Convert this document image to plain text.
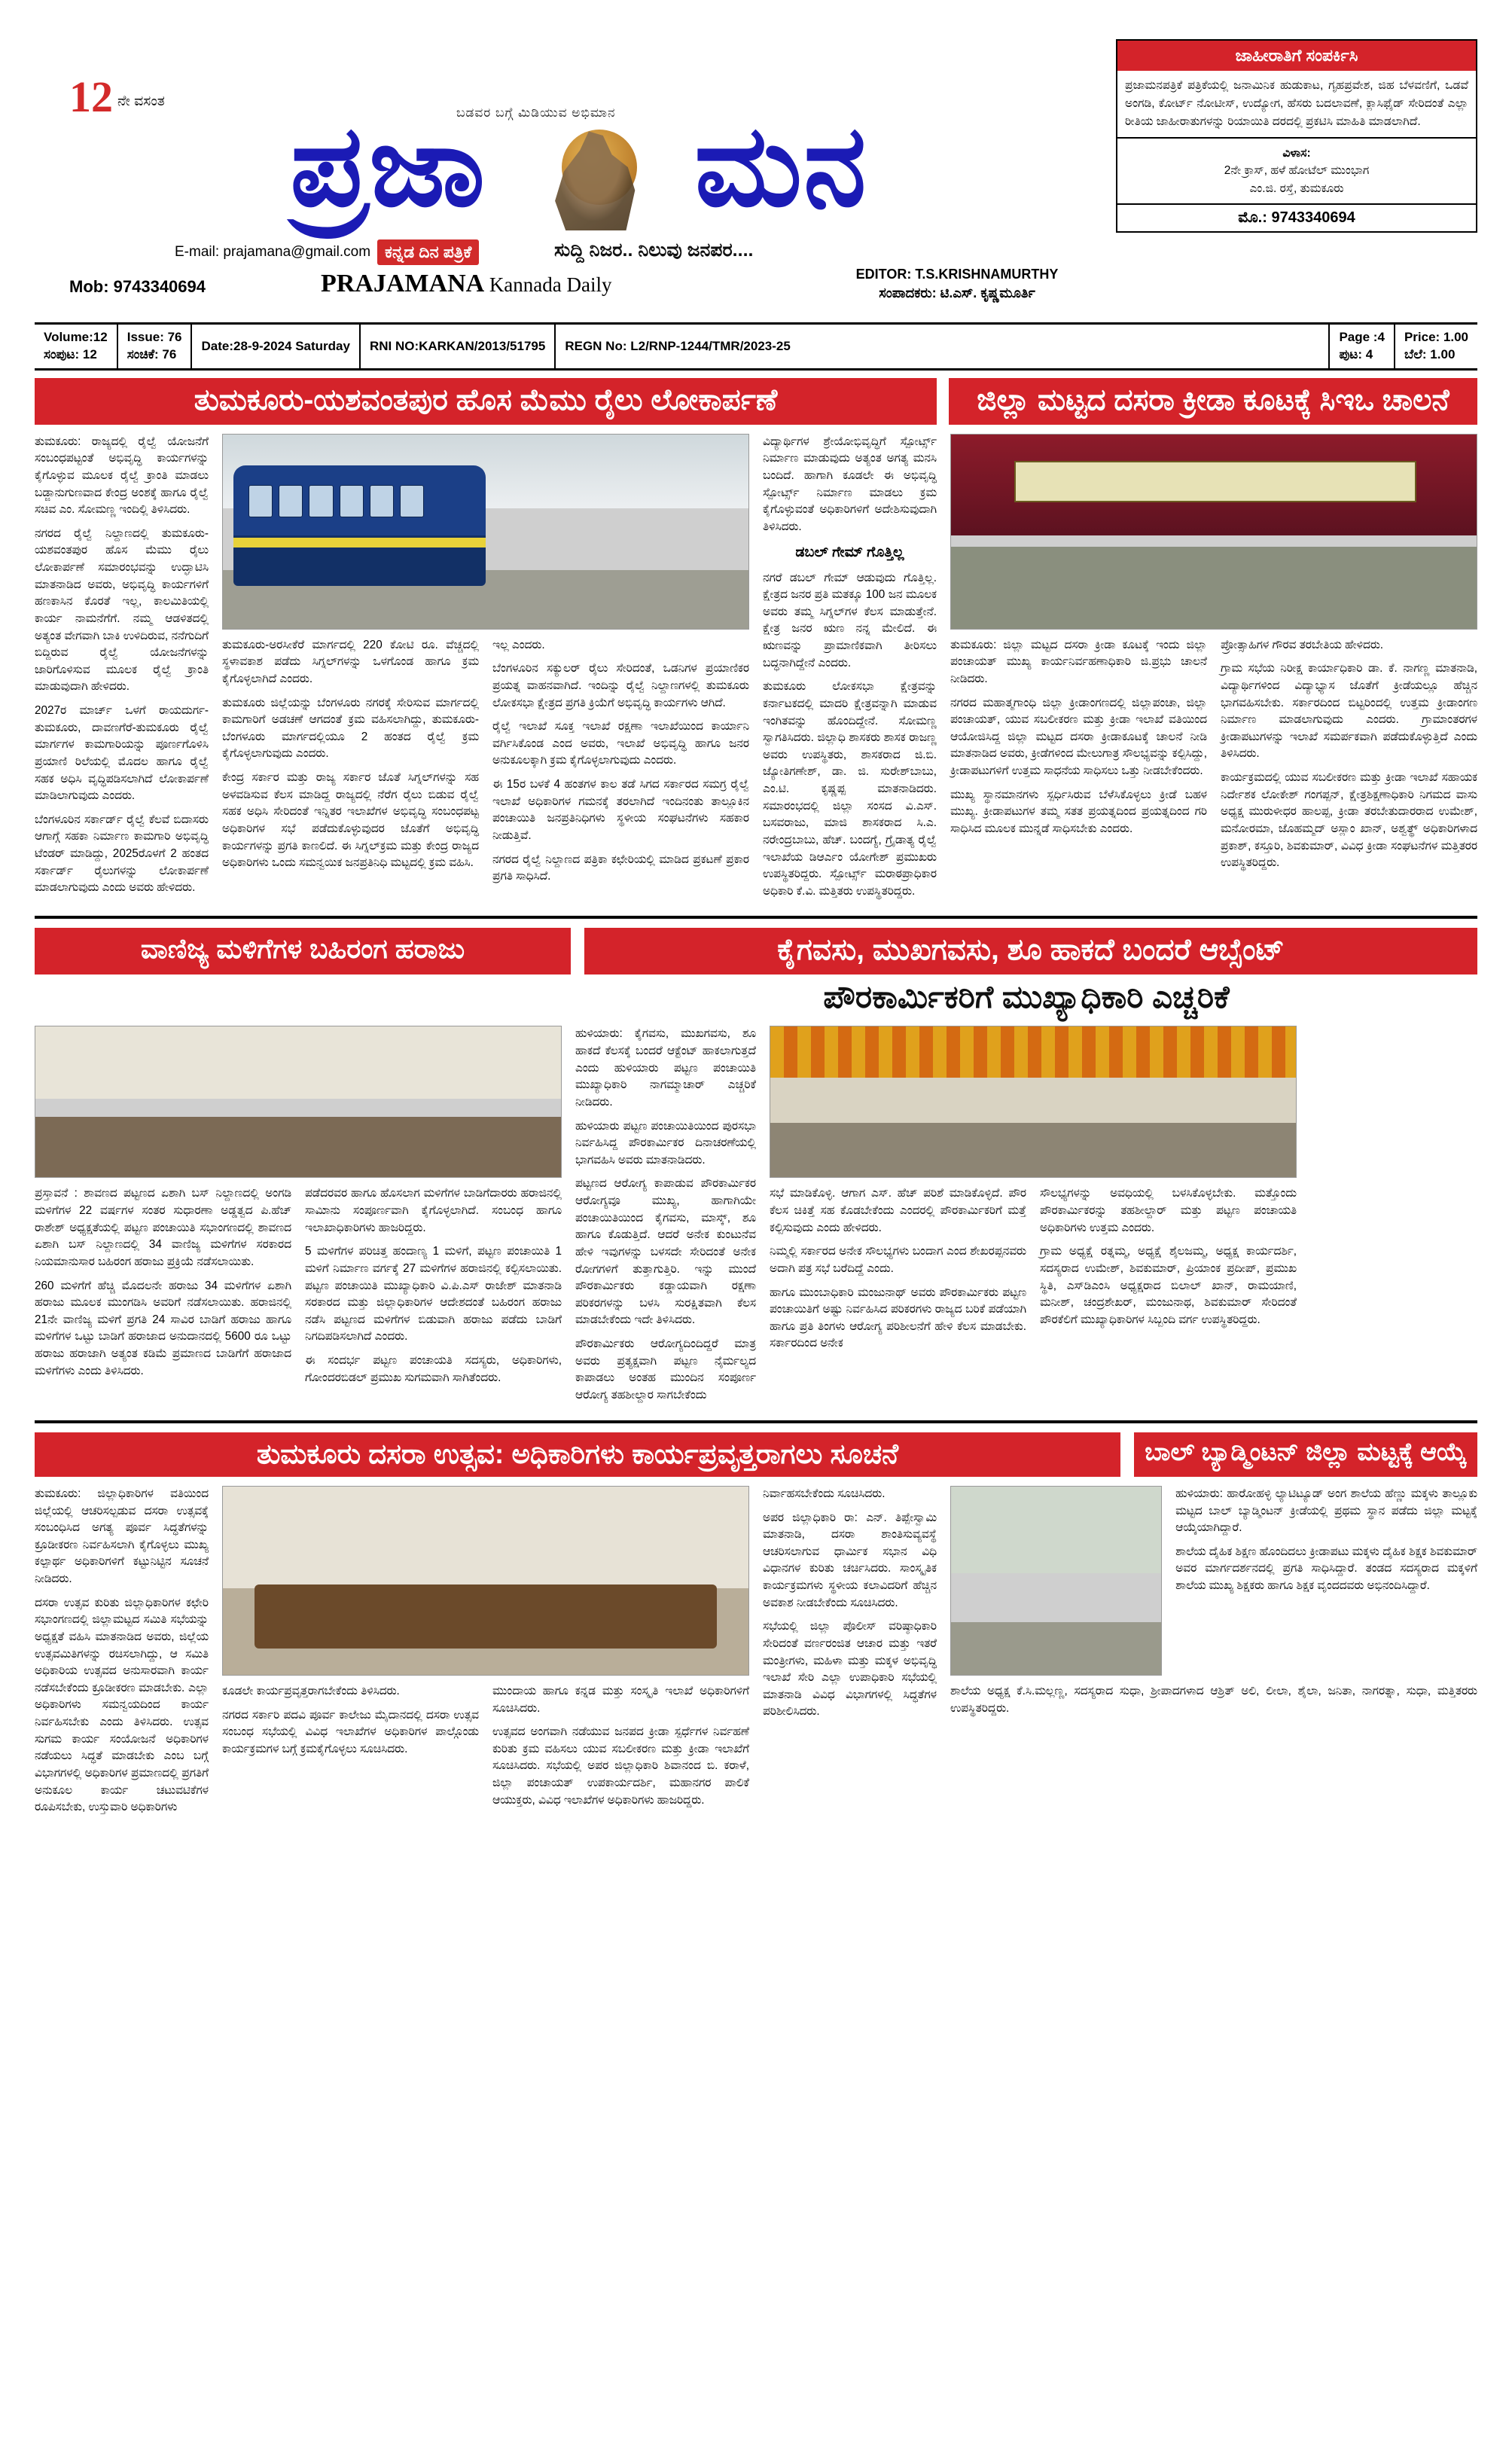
12 ನೇ ವಸಂತ
ಬಡವರ ಬಗ್ಗೆ ಮಿಡಿಯುವ ಅಭಿಮಾನ
ಪ್ರಜಾ ಮನ
E-mail: prajamana@gmail.com ಕನ್ನಡ ದಿನ ಪತ್ರಿಕೆ	ಸುದ್ದಿ ನಿಜರ.. ನಿಲುವು ಜನಪರ....
Mob: 9743340694	PRAJAMANA Kannada Daily	EDITOR: T.S.KRISHNAMURTHY
ಸಂಪಾದಕರು: ಟಿ.ಎಸ್. ಕೃಷ್ಣಮೂರ್ತಿ
ಜಾಹೀರಾತಿಗೆ ಸಂಪರ್ಕಿಸಿ
ಪ್ರಜಾಮನಪತ್ರಿಕೆ ಪತ್ರಿಕೆಯಲ್ಲಿ ಜನಾಮಿನಿಕ ಹುಡುಕಾಟ, ಗೃಹಪ್ರವೇಶ, ಜಿಹ ಬೆಳವಣಿಗೆ, ಒಡವೆ ಅಂಗಡಿ, ಕೋರ್ಟ್ ನೋಟೀಸ್, ಉದ್ಯೋಗ, ಹೆಸರು ಬದಲಾವಣೆ, ಕ್ಲಾಸಿಫೈಡ್ ಸೇರಿದಂತೆ ಎಲ್ಲಾ ರೀತಿಯ ಜಾಹೀರಾತುಗಳನ್ನು ರಿಯಾಯಿತಿ ದರದಲ್ಲಿ ಪ್ರಕಟಿಸಿ ಮಾಹಿತಿ ಮಾಡಲಾಗಿದೆ.
ವಿಳಾಸ:
2ನೇ ಕ್ರಾಸ್, ಹಳೆ ಹೋಟೆಲ್ ಮುಂಭಾಗ
ಎಂ.ಜಿ. ರಸ್ತೆ, ತುಮಕೂರು
ಮೊ.: 9743340694
Volume:12
ಸಂಪುಟ: 12
Issue: 76
ಸಂಚಿಕೆ: 76
Date:28-9-2024 Saturday	RNI NO:KARKAN/2013/51795	REGN No: L2/RNP-1244/TMR/2023-25
Page :4
ಪುಟ: 4
Price: 1.00
ಬೆಲೆ: 1.00
ತುಮಕೂರು-ಯಶವಂತಪುರ ಹೊಸ ಮೆಮು ರೈಲು ಲೋಕಾರ್ಪಣೆ	ಜಿಲ್ಲಾ ಮಟ್ಟದ ದಸರಾ ಕ್ರೀಡಾ ಕೂಟಕ್ಕೆ ಸಿಇಒ ಚಾಲನೆ

ತುಮಕೂರು: ರಾಜ್ಯದಲ್ಲಿ ರೈಲ್ವೆ ಯೋಜನೆಗೆ ಸಂಬಂಧಪಟ್ಟಂತೆ ಅಭಿವೃದ್ಧಿ ಕಾರ್ಯಗಳನ್ನು ಕೈಗೊಳ್ಳುವ ಮೂಲಕ ರೈಲ್ವೆ ಕ್ರಾಂತಿ ಮಾಡಲು ಬಡ್ಜಾನುಗುಣವಾದ ಕೇಂದ್ರ ಅಂಶಕ್ಕೆ ಹಾಗೂ ರೈಲ್ವೆ ಸಚಿವ ಎಂ. ಸೋಮಣ್ಣ ಇಂದಿಲ್ಲಿ ತಿಳಿಸಿದರು.

ನಗರದ ರೈಲ್ವೆ ನಿಲ್ದಾಣದಲ್ಲಿ ತುಮಕೂರು-ಯಶವಂತಪುರ ಹೊಸ ಮೆಮು ರೈಲು ಲೋಕಾರ್ಪಣೆ ಸಮಾರಂಭವನ್ನು ಉದ್ಘಾಟಿಸಿ ಮಾತನಾಡಿದ ಅವರು, ಅಭಿವೃದ್ಧಿ ಕಾರ್ಯಗಳಿಗೆ ಹಣಕಾಸಿನ ಕೊರತೆ ಇಲ್ಲ, ಕಾಲಮಿತಿಯಲ್ಲಿ ಕಾರ್ಯ ನಾಮನೆಗೆಗೆ. ನಮ್ಮ ಆಡಳಿತದಲ್ಲಿ ಅತ್ಯಂತ ವೇಗವಾಗಿ ಬಾಕಿ ಉಳಿದಿರುವ, ನನೆಗುದಿಗೆ ಬಿದ್ದಿರುವ ರೈಲ್ವೆ ಯೋಜನೆಗಳನ್ನು ಜಾರಿಗೊಳಿಸುವ ಮೂಲಕ ರೈಲ್ವೆ ಕ್ರಾಂತಿ ಮಾಡುವುದಾಗಿ ಹೇಳಿದರು.

2027ರ ಮಾರ್ಚ್ ಒಳಗೆ ರಾಯದುರ್ಗ-ತುಮಕೂರು, ದಾವಣಗೆರೆ-ತುಮಕೂರು ರೈಲ್ವೆ ಮಾರ್ಗಗಳ ಕಾಮಗಾರಿಯನ್ನು ಪೂರ್ಣಗೊಳಿಸಿ ಪ್ರಯಾಣಿ ರಿಲೆಯಲ್ಲಿ ಮೊದಲ ಹಾಗೂ ರೈಲ್ವೆ ಸಹಕ ಅಧಿಸಿ ವೃದ್ಧಿಪಡಿಸಲಾಗಿದೆ ಲೋಕಾರ್ಪಣೆ ಮಾಡಿಲಾಗುವುದು ಎಂದರು.

ಬೆಂಗಳೂರಿನ ಸರ್ಕಾರ್ಡ್ ರೈಲ್ವೆ ಕೆಲವೆ ಬಿದಾಸರು ಆಗಾಗ್ಗೆ ಸಹಕಾ ನಿರ್ಮಾಣ ಕಾಮಗಾರಿ ಅಭಿವೃದ್ಧಿ ಟೆಂಡರ್ ಮಾಡಿದ್ದು, 2025ರೊಳಗೆ 2 ಹಂತದ ಸರ್ಕಾರ್ಡ್ ರೈಲುಗಳನ್ನು ಲೋಕಾರ್ಪಣೆ ಮಾಡಲಾಗುವುದು ಎಂದು ಅವರು ಹೇಳಿದರು.

ತುಮಕೂರು-ಅರಸೀಕೆರೆ ಮಾರ್ಗದಲ್ಲಿ 220 ಕೋಟಿ ರೂ. ವೆಚ್ಚದಲ್ಲಿ ಸ್ಥಳಾವಕಾಶ ಪಡೆದು ಸಿಗ್ನಲ್‌ಗಳನ್ನು ಒಳಗೊಂಡ ಹಾಗೂ ಕ್ರಮ ಕೈಗೊಳ್ಳಲಾಗಿದೆ ಎಂದರು.

ತುಮಕೂರು ಜಿಲ್ಲೆಯನ್ನು ಬೆಂಗಳೂರು ನಗರಕ್ಕೆ ಸೇರಿಸುವ ಮಾರ್ಗದಲ್ಲಿ ಕಾಮಗಾರಿಗೆ ಅಡಚಣೆ ಆಗದಂತೆ ಕ್ರಮ ವಹಿಸಲಾಗಿದ್ದು, ತುಮಕೂರು-ಬೆಂಗಳೂರು ಮಾರ್ಗದಲ್ಲಿಯೂ 2 ಹಂತದ ರೈಲ್ವೆ ಕ್ರಮ ಕೈಗೊಳ್ಳಲಾಗುವುದು ಎಂದರು.

ಕೇಂದ್ರ ಸರ್ಕಾರ ಮತ್ತು ರಾಜ್ಯ ಸರ್ಕಾರ ಜೊತೆ ಸಿಗ್ನಲ್‌ಗಳನ್ನು ಸಹ ಅಳವಡಿಸುವ ಕೆಲಸ ಮಾಡಿದ್ದ ರಾಜ್ಯದಲ್ಲಿ ನೆರೆಗ ರೈಲು ಬಿಡುವ ರೈಲ್ವೆ ಸಹಕ ಅಧಿಸಿ ಸೇರಿದಂತೆ ಇನ್ನಿತರ ಇಲಾಖೆಗಳ ಅಭಿವೃದ್ಧಿ ಸಂಬಂಧಪಟ್ಟ ಅಧಿಕಾರಿಗಳ ಸಭೆ ಪಡೆದುಕೊಳ್ಳುವುದರ ಜೊತೆಗೆ ಅಭಿವೃದ್ಧಿ ಕಾರ್ಯಗಳನ್ನು ಪ್ರಗತಿ ಕಾಣಲಿದೆ. ಈ ಸಿಗ್ನಲ್‌ಕ್ರಮ ಮತ್ತು ಕೇಂದ್ರ ರಾಜ್ಯದ ಅಧಿಕಾರಿಗಳು ಒಂದು ಸಮನ್ವಯಿಕ ಜನಪ್ರತಿನಿಧಿ ಮಟ್ಟದಲ್ಲಿ ಕ್ರಮ ವಹಿಸಿ.

ಇಲ್ಲ ಎಂದರು.

ಬೆಂಗಳೂರಿನ ಸಕ್ಯುಲರ್ ರೈಲು ಸೇರಿದಂತೆ, ಒಡನಿಗಳ ಪ್ರಯಾಣಿಕರ ಪ್ರಯತ್ನ ವಾಹನವಾಗಿದೆ. ಇಂದಿನ್ನು ರೈಲ್ವೆ ನಿಲ್ದಾಣಗಳಲ್ಲಿ ತುಮಕೂರು ಲೋಕಸಭಾ ಕ್ಷೇತ್ರದ ಪ್ರಗತಿ ಕ್ರಿಯೆಗೆ ಅಭಿವೃದ್ಧಿ ಕಾರ್ಯಗಳು ಆಗಿದೆ.

ರೈಲ್ವೆ ಇಲಾಖೆ ಸೂಕ್ತ ಇಲಾಖೆ ರಕ್ಷಣಾ ಇಲಾಖೆಯಿಂದ ಕಾರ್ಯಾನಿ ವರ್ಗಿಸಿಕೊಂಡ ಎಂದ ಅವರು, ಇಲಾಖೆ ಅಭಿವೃದ್ಧಿ ಹಾಗೂ ಜನರ ಅನುಕೂಲಕ್ಕಾಗಿ ಕ್ರಮ ಕೈಗೊಳ್ಳಲಾಗುವುದು ಎಂದರು.

ಈ 15ರ ಬಳಕೆ 4 ಹಂತಗಳ ಕಾಲ ತಡೆ ಸಿಗದ ಸರ್ಕಾರದ ಸಮಗ್ರ ರೈಲ್ವೆ ಇಲಾಖೆ ಅಧಿಕಾರಿಗಳ ಗಮನಕ್ಕೆ ತರಲಾಗಿದೆ ಇಂದಿನಂತು ತಾಲ್ಲೂಕಿನ ಪಂಚಾಯಿತಿ ಜನಪ್ರತಿನಿಧಿಗಳು ಸ್ಥಳೀಯ ಸಂಘಟನೆಗಳು ಸಹಕಾರ ನೀಡುತ್ತಿವೆ.

ನಗರದ ರೈಲ್ವೆ ನಿಲ್ದಾಣದ ಪತ್ರಿಕಾ ಕಛೇರಿಯಲ್ಲಿ ಮಾಡಿದ ಪ್ರಕಟಣೆ ಪ್ರಕಾರ ಪ್ರಗತಿ ಸಾಧಿಸಿದೆ.

ವಿದ್ಯಾರ್ಥಿಗಳ ಶ್ರೇಯೋಭಿವೃದ್ಧಿಗೆ ಸ್ಪೋರ್ಟ್ಸ್ ನಿರ್ಮಾಣ ಮಾಡುವುದು ಅತ್ಯಂತ ಅಗತ್ಯ ಮನಸಿ ಬಂದಿದೆ. ಹಾಗಾಗಿ ಕೂಡಲೇ ಈ ಅಭಿವೃದ್ಧಿ ಸ್ಪೋರ್ಟ್ಸ್ ನಿರ್ಮಾಣ ಮಾಡಲು ಕ್ರಮ ಕೈಗೊಳ್ಳುವಂತೆ ಅಧಿಕಾರಿಗಳಿಗೆ ಅದೇಶಿಸುವುದಾಗಿ ತಿಳಿಸಿದರು.

ಡಬಲ್ ಗೇಮ್ ಗೊತ್ತಿಲ್ಲ

ನಗರೆ ಡಬಲ್ ಗೇಮ್ ಆಡುವುದು ಗೊತ್ತಿಲ್ಲ. ಕ್ಷೇತ್ರದ ಜನರ ಪ್ರತಿ ಮತಕ್ಕೂ 100 ಜನ ಮೂಲಕ ಅವರು ತಮ್ಮ ಸಿಗ್ನಲ್‌ಗಳ ಕೆಲಸ ಮಾಡುತ್ತೇನೆ. ಕ್ಷೇತ್ರ ಜನರ ಋಣ ನನ್ನ ಮೇಲಿದೆ. ಈ ಋಣವನ್ನು ಪ್ರಾಮಾಣಿಕವಾಗಿ ತೀರಿಸಲು ಬದ್ಧನಾಗಿದ್ದೇನೆ ಎಂದರು.

ತುಮಕೂರು ಲೋಕಸಭಾ ಕ್ಷೇತ್ರವನ್ನು ಕರ್ನಾಟಕದಲ್ಲಿ ಮಾದರಿ ಕ್ಷೇತ್ರವನ್ನಾಗಿ ಮಾಡುವ ಇಂಗಿತವನ್ನು ಹೊಂದಿದ್ದೇನೆ. ಸೋಮಣ್ಣ ಸ್ವಾಗತಿಸಿದರು. ಜಿಲ್ಲಾಧಿ ಶಾಸಕರು ಶಾಸಕ ರಾಜಣ್ಣ ಅವರು ಉಪಸ್ಥಿತರು, ಶಾಸಕರಾದ ಜಿ.ಬಿ. ಜ್ಯೋತಿಗಣೇಶ್, ಡಾ. ಜಿ. ಸುರೇಶ್‌ಬಾಬು, ಎಂ.ಟಿ. ಕೃಷ್ಣಪ್ಪ ಮಾತನಾಡಿದರು. ಸಮಾರಂಭದಲ್ಲಿ ಜಿಲ್ಲಾ ಸಂಸದ ವಿ.ಎಸ್. ಬಸವರಾಜು, ಮಾಜಿ ಶಾಸಕರಾದ ಸಿ.ಎ. ನರೇಂದ್ರಬಾಬು, ಹೆಚ್. ಬಂದಗ್ಯೆ, ಗ್ರೈಡಾತ್ಯ ರೈಲ್ವೆ ಇಲಾಖೆಯ ಡಿಆರ್ಎಂ ಯೋಗೇಶ್ ಪ್ರಮುಖರು ಉಪಸ್ಥಿತರಿದ್ದರು. ಸ್ಪೋರ್ಟ್ಸ್ ಮರಾಠಪ್ರಾಧಿಕಾರ ಅಧಿಕಾರಿ ಕೆ.ವಿ. ಮತ್ತಿತರು ಉಪಸ್ಥಿತರಿದ್ದರು.

ತುಮಕೂರು: ಜಿಲ್ಲಾ ಮಟ್ಟದ ದಸರಾ ಕ್ರೀಡಾ ಕೂಟಕ್ಕೆ ಇಂದು ಜಿಲ್ಲಾ ಪಂಚಾಯತ್ ಮುಖ್ಯ ಕಾರ್ಯನಿರ್ವಹಣಾಧಿಕಾರಿ ಜಿ.ಪ್ರಭು ಚಾಲನೆ ನೀಡಿದರು.

ನಗರದ ಮಹಾತ್ಮಗಾಂಧಿ ಜಿಲ್ಲಾ ಕ್ರೀಡಾಂಗಣದಲ್ಲಿ ಜಿಲ್ಲಾಪಂಚಾ, ಜಿಲ್ಲಾ ಪಂಚಾಯತ್, ಯುವ ಸಬಲೀಕರಣ ಮತ್ತು ಕ್ರೀಡಾ ಇಲಾಖೆ ವತಿಯಿಂದ ಆಯೋಜಿಸಿದ್ದ ಜಿಲ್ಲಾ ಮಟ್ಟದ ದಸರಾ ಕ್ರೀಡಾಕೂಟಕ್ಕೆ ಚಾಲನೆ ನೀಡಿ ಮಾತನಾಡಿದ ಅವರು, ಕ್ರೀಡೆಗಳಿಂದ ಮೇಲುಗಾತ್ರ ಸೌಲಭ್ಯವನ್ನು ಕಲ್ಪಿಸಿದ್ದು, ಕ್ರೀಡಾಪಟುಗಳಿಗೆ ಉತ್ತಮ ಸಾಧನೆಯ ಸಾಧಿಸಲು ಒತ್ತು ನೀಡಬೇಕೆಂದರು.

ಮುಖ್ಯ ಸ್ಥಾನಮಾನಗಳು ಸ್ಪರ್ಧಿಸಿರುವ ಬೆಳೆಸಿಕೊಳ್ಳಲು ಕ್ರೀಡೆ ಬಹಳ ಮುಖ್ಯ. ಕ್ರೀಡಾಪಟುಗಳ ತಮ್ಮ ಸತತ ಪ್ರಯತ್ನದಿಂದ ಪ್ರಯತ್ನದಿಂದ ಗರಿ ಸಾಧಿಸಿದ ಮೂಲಕ ಮುನ್ನಡೆ ಸಾಧಿಸಬೇಕು ಎಂದರು.

ಪ್ರೋತ್ಸಾಹಿಗಳ ಗೌರವ ತರಬೇತಿಯ ಹೇಳಿದರು.

ಗ್ರಾಮ ಸಭೆಯ ನಿರೀಕ್ಷ ಕಾರ್ಯಾಧಿಕಾರಿ ಡಾ. ಕೆ. ನಾಗಣ್ಣ ಮಾತನಾಡಿ, ವಿದ್ಯಾರ್ಥಿಗಳಿಂದ ವಿದ್ಯಾಭ್ಯಾಸ ಜೊತೆಗೆ ಕ್ರೀಡೆಯಲ್ಲೂ ಹೆಚ್ಚಿನ ಭಾಗವಹಿಸಬೇಕು. ಸರ್ಕಾರದಿಂದ ಬಿಟ್ಟರಿಂದಲ್ಲಿ ಉತ್ತಮ ಕ್ರೀಡಾಂಗಣ ನಿರ್ಮಾಣ ಮಾಡಲಾಗುವುದು ಎಂದರು. ಗ್ರಾಮಾಂತರಗಳ ಕ್ರೀಡಾಪಟುಗಳನ್ನು ಇಲಾಖೆ ಸಮರ್ಪಕವಾಗಿ ಪಡೆದುಕೊಳ್ಳುತ್ತಿದೆ ಎಂದು ತಿಳಿಸಿದರು.

ಕಾರ್ಯಕ್ರಮದಲ್ಲಿ ಯುವ ಸಬಲೀಕರಣ ಮತ್ತು ಕ್ರೀಡಾ ಇಲಾಖೆ ಸಹಾಯಕ ನಿರ್ದೇಶಕ ಲೋಕೇಶ್ ಗಂಗಪ್ಪನ್, ಕ್ಷೇತ್ರಶಿಕ್ಷಣಾಧಿಕಾರಿ ನಿಗಮದ ವಾಸು ಅಧ್ಯಕ್ಷ ಮುರುಳೀಧರ ಹಾಲಪ್ಪ, ಕ್ರೀಡಾ ತರಬೇತುದಾರರಾದ ಉಮೇಶ್, ಮನೋರಮಾ, ಜೊಹಮ್ಮದ್ ಅಸ್ಲಾಂ ಖಾನ್, ಅಶ್ವತ್ಥ್ ಅಧಿಕಾರಿಗಳಾದ ಪ್ರಕಾಶ್, ಕಸ್ತೂರಿ, ಶಿವಕುಮಾರ್, ವಿವಿಧ ಕ್ರೀಡಾ ಸಂಘಟನೆಗಳ ಮತ್ತಿತರರ ಉಪಸ್ಥಿತರಿದ್ದರು.

ವಾಣಿಜ್ಯ ಮಳಿಗೆಗಳ ಬಹಿರಂಗ ಹರಾಜು	ಕೈಗವಸು, ಮುಖಗವಸು, ಶೂ ಹಾಕದೆ ಬಂದರೆ ಆಬ್ಸೆಂಟ್
ಪೌರಕಾರ್ಮಿಕರಿಗೆ ಮುಖ್ಯಾಧಿಕಾರಿ ಎಚ್ಚರಿಕೆ

ಪ್ರಸ್ತಾವನೆ : ಶಾವಣದ ಪಟ್ಟಣದ ಏಶಾಗಿ ಬಸ್ ನಿಲ್ದಾಣದಲ್ಲಿ ಅಂಗಡಿ ಮಳಿಗೆಗಳ 22 ವರ್ಷಗಳ ಸಂತರ ಸುಧಾರಣಾ ಅಡ್ಡತ್ವದ ಪಿ.ಹೆಚ್ ರಾಶೇಶ್ ಅಧ್ಯಕ್ಷತೆಯಲ್ಲಿ ಪಟ್ಟಣ ಪಂಚಾಯಿತಿ ಸಭಾಂಗಣದಲ್ಲಿ ಶಾವಣದ ಏಶಾಗಿ ಬಸ್ ನಿಲ್ದಾಣದಲ್ಲಿ 34 ವಾಣಿಜ್ಯ ಮಳಿಗೆಗಳ ಸರಕಾರದ ನಿಯಮಾನುಸಾರ ಬಹಿರಂಗ ಹರಾಜು ಪ್ರಕ್ರಿಯೆ ನಡೆಸಲಾಯಿತು.

260 ಮಳಿಗೆಗೆ ಹೆಚ್ಚಿ ಮೊದಲನೇ ಹರಾಜು 34 ಮಳಿಗೆಗಳ ಏಶಾಗಿ ಹರಾಜು ಮೂಲಕ ಮುಂಗಡಿಸಿ ಅವರಿಗೆ ನಡೆಸಲಾಯಿತು. ಹರಾಜಿನಲ್ಲಿ 21ನೇ ವಾಣಿಜ್ಯ ಮಳಿಗೆ ಪ್ರಗತಿ 24 ಸಾವಿರ ಬಾಡಿಗೆ ಹರಾಜು ಹಾಗೂ ಮಳಿಗೆಗಳ ಒಟ್ಟು ಬಾಡಿಗೆ ಹರಾಜಾದ ಅನುದಾನದಲ್ಲಿ 5600 ರೂ ಒಟ್ಟು ಹರಾಜು ಹರಾಜಾಗಿ ಅತ್ಯಂತ ಕಡಿಮೆ ಪ್ರಮಾಣದ ಬಾಡಿಗೆಗೆ ಹರಾಜಾದ ಮಳಿಗೆಗಳು ಎಂದು ತಿಳಿಸಿದರು.

ಪಡೆದರವರ ಹಾಗೂ ಹೊಸಲಾಗ ಮಳಿಗೆಗಳ ಬಾಡಿಗೆದಾರರು ಹರಾಜಿನಲ್ಲಿ ಸಾಮಿಾನು ಸಂಪೂರ್ಣವಾಗಿ ಕೈಗೊಳ್ಳಲಾಗಿದೆ. ಸಂಬಂಧ ಹಾಗೂ ಇಲಾಖಾಧಿಕಾರಿಗಳು ಹಾಜರಿದ್ದರು.

5 ಮಳಿಗೆಗಳ ಪರಿಚಿತ್ತ ಹಂದಾಣ್ಯ 1 ಮಳಿಗೆ, ಪಟ್ಟಣ ಪಂಚಾಯಿತಿ 1 ಮಳಿಗೆ ನಿರ್ಮಾಣ ವರ್ಗಕ್ಕೆ 27 ಮಳಿಗೆಗಳ ಹರಾಜಿನಲ್ಲಿ ಕಲ್ಪಿಸಲಾಯಿತು. ಪಟ್ಟಣ ಪಂಚಾಯಿತಿ ಮುಖ್ಯಾಧಿಕಾರಿ ವಿ.ಪಿ.ಎಸ್ ರಾಜೇಶ್ ಮಾತನಾಡಿ ಸರಕಾರದ ಮತ್ತು ಜಿಲ್ಲಾಧಿಕಾರಿಗಳ ಆದೇಶದಂತೆ ಬಹಿರಂಗ ಹರಾಜು ನಡೆಸಿ ಪಟ್ಟಣದ ಮಳಿಗೆಗಳ ಬಿಡುವಾಗಿ ಹರಾಜು ಪಡೆದು ಬಾಡಿಗೆ ನಿಗದಿಪಡಿಸಲಾಗಿದೆ ಎಂದರು.

ಈ ಸಂದರ್ಭ ಪಟ್ಟಣ ಪಂಚಾಯತಿ ಸದಸ್ಯರು, ಅಧಿಕಾರಿಗಳು, ಗೋಂದರಬಿಡಲ್ ಪ್ರಮುಖ ಸುಗಮವಾಗಿ ಸಾಗಿತೆಂದರು.

ಹುಳಿಯಾರು: ಕೈಗವಸು, ಮುಖಗವಸು, ಶೂ ಹಾಕದೆ ಕೆಲಸಕ್ಕೆ ಬಂದರೆ ಆಕ್ಟೆಂಟ್ ಹಾಕಲಾಗುತ್ತದೆ ಎಂದು ಹುಳಿಯಾರು ಪಟ್ಟಣ ಪಂಚಾಯಿತಿ ಮುಖ್ಯಾಧಿಕಾರಿ ನಾಗಮ್ಮಾಚಾರ್ ಎಚ್ಚರಿಕೆ ನೀಡಿದರು.

ಹುಳಿಯಾರು ಪಟ್ಟಣ ಪಂಚಾಯಿತಿಯಿಂದ ಪುರಸಭಾ ನಿರ್ವಹಿಸಿದ್ದ ಪೌರಕಾರ್ಮಿಕರ ದಿನಾಚರಣೆಯಲ್ಲಿ ಭಾಗವಹಿಸಿ ಅವರು ಮಾತನಾಡಿದರು.

ಪಟ್ಟಣದ ಆರೋಗ್ಯ ಕಾಪಾಡುವ ಪೌರಕಾರ್ಮಿಕರ ಆರೋಗ್ಯವೂ ಮುಖ್ಯ, ಹಾಗಾಗಿಯೇ ಪಂಚಾಯಿತಿಯಿಂದ ಕೈಗವಸು, ಮಾಸ್ಕ್, ಶೂ ಹಾಗೂ ಕೊಡುತ್ತಿದೆ. ಆದರೆ ಅನೇಕ ಕುಂಟುನೆವ ಹೇಳಿ ಇವುಗಳನ್ನು ಬಳಸದೇ ಸೇರಿದಂತೆ ಅನೇಕ ರೋಗಗಳಿಗೆ ತುತ್ತಾಗುತ್ತಿರಿ. ಇನ್ನು ಮುಂದೆ ಪೌರಕಾರ್ಮಿಕರು ಕಡ್ಡಾಯವಾಗಿ ರಕ್ಷಣಾ ಪರಿಕರಗಳನ್ನು ಬಳಸಿ ಸುರಕ್ಷಿತವಾಗಿ ಕೆಲಸ ಮಾಡಬೇಕೆಂದು ಇದೇ ತಿಳಿಸಿದರು.

ಪೌರಕಾರ್ಮಿಕರು ಆರೋಗ್ಯದಿಂದಿದ್ದರೆ ಮಾತ್ರ ಅವರು ಪ್ರತ್ಯಕ್ಷವಾಗಿ ಪಟ್ಟಣ ನೈರ್ಮಲ್ಯದ ಕಾಪಾಡಲು ಅಂತಹ ಮುಂದಿನ ಸಂಪೂರ್ಣ ಆರೋಗ್ಯ ತಹಶೀಲ್ದಾರ ಸಾಗಬೇಕೆಂದು

ಸಭೆ ಮಾಡಿಕೊಳ್ಳಿ. ಆಗಾಗ ಎಸ್. ಹೆಚ್ ಪರಿಶೆ ಮಾಡಿಕೊಳ್ಳಿದೆ. ಪೌರ ಕೆಲಸ ಚಿಕಿತ್ತೆ ಸಹ ಕೊಡಬೇಕೆಂದು ಎಂದರಲ್ಲಿ ಪೌರಕಾರ್ಮಿಕರಿಗೆ ಮತ್ತೆ ಕಲ್ಪಿಸುವುದು ಎಂದು ಹೇಳಿದರು.

ನಿಮ್ಮಲ್ಲಿ ಸರ್ಕಾರದ ಅನೇಕ ಸೌಲಭ್ಯಗಳು ಬಂದಾಗ ಎಂದ ಶೇಖರಪ್ಪನವರು ಅದಾಗಿ ಪತ್ರ ಸಭೆ ಬರೆದಿದ್ದೆ ಎಂದು.

ಹಾಗೂ ಮುಂಬಾಧಿಕಾರಿ ಮಂಜುನಾಥ್ ಅವರು ಪೌರಕಾರ್ಮಿಕರು ಪಟ್ಟಣ ಪಂಚಾಯಿತಿಗೆ ಅಷ್ಟು ನಿರ್ವಹಿಸಿದ ಪರಿಕರಗಳು ರಾಜ್ಯದ ಬರಿಕೆ ಪಡೆಯಾಗಿ ಹಾಗೂ ಪ್ರತಿ ತಿಂಗಳು ಆರೋಗ್ಯ ಪರಿಶೀಲನೆಗೆ ಹೇಳಿ ಕೆಲಸ ಮಾಡಬೇಕು. ಸರ್ಕಾರದಿಂದ ಅನೇಕ

ಸೌಲಭ್ಯಗಳನ್ನು ಅವಧಿಯಲ್ಲಿ ಬಳಸಿಕೊಳ್ಳಬೇಕು. ಮತ್ತೊಂದು ಪೌರಕಾರ್ಮಿಕರನ್ನು ತಹಶೀಲ್ದಾರ್ ಮತ್ತು ಪಟ್ಟಣ ಪಂಚಾಯತಿ ಅಧಿಕಾರಿಗಳು ಉತ್ತಮ ಎಂದರು.

ಗ್ರಾಮ ಅಧ್ಯಕ್ಷೆ ರತ್ನಮ್ಮ, ಅಧ್ಯಕ್ಷೆ ಶೈಲಜಮ್ಮ, ಅಧ್ಯಕ್ಷ ಕಾರ್ಯದರ್ಶಿ, ಸದಸ್ಯರಾದ ಉಮೇಶ್, ಶಿವಕುಮಾರ್, ಪ್ರಿಯಾಂಕ ಪ್ರದೀಪ್, ಪ್ರಮುಖ ಸ್ಥಿತಿ, ಎಸ್‌ಡಿಎಂಸಿ ಅಧ್ಯಕ್ಷರಾದ ಬಿಲಾಲ್ ಖಾನ್, ರಾಮಯಾಣಿ, ಮನೀಶ್, ಚಂದ್ರಶೇಖರ್, ಮಂಜುನಾಥ, ಶಿವಕುಮಾರ್ ಸೇರಿದಂತೆ ಪೌರಕೆಲಿಗೆ ಮುಖ್ಯಾಧಿಕಾರಿಗಳ ಸಿಬ್ಬಂದಿ ವರ್ಗ ಉಪಸ್ಥಿತರಿದ್ದರು.

ತುಮಕೂರು ದಸರಾ ಉತ್ಸವ: ಅಧಿಕಾರಿಗಳು ಕಾರ್ಯಪ್ರವೃತ್ತರಾಗಲು ಸೂಚನೆ	ಬಾಲ್ ಬ್ಯಾಡ್ಮಿಂಟನ್ ಜಿಲ್ಲಾ ಮಟ್ಟಕ್ಕೆ ಆಯ್ಕೆ

ತುಮಕೂರು: ಜಿಲ್ಲಾಧಿಕಾರಿಗಳ ವತಿಯಿಂದ ಜಿಲ್ಲೆಯಲ್ಲಿ ಆಚರಿಸಲ್ಪಡುವ ದಸರಾ ಉತ್ಸವಕ್ಕೆ ಸಂಬಂಧಿಸಿದ ಅಗತ್ಯ ಪೂರ್ವ ಸಿದ್ಧತೆಗಳನ್ನು ಕ್ರೂಡೀಕರಣ ನಿರ್ವಹಿಸಲಾಗಿ ಕೈಗೊಳ್ಳಲು ಮುಖ್ಯ ಕಲ್ಪಾರ್ಥ ಅಧಿಕಾರಿಗಳಿಗೆ ಕಟ್ಟುನಿಟ್ಟಿನ ಸೂಚನೆ ನೀಡಿದರು.

ದಸರಾ ಉತ್ಸವ ಕುರಿತು ಜಿಲ್ಲಾಧಿಕಾರಿಗಳ ಕಛೇರಿ ಸಭಾಂಗಣದಲ್ಲಿ ಜಿಲ್ಲಾಮಟ್ಟದ ಸಮಿತಿ ಸಭೆಯನ್ನು ಅಧ್ಯಕ್ಷತೆ ವಹಿಸಿ ಮಾತನಾಡಿದ ಅವರು, ಜಿಲ್ಲೆಯ ಉತ್ಸವಮಿತಿಗಳನ್ನು ರಚಿಸಲಾಗಿದ್ದು, ಆ ಸಮಿತಿ ಅಧಿಕಾರಿಯ ಉತ್ಸವದ ಅನುಸಾರವಾಗಿ ಕಾರ್ಯ ನಡೆಸಬೇಕೆಂದು ಕ್ರೂಡೀಕರಣ ಮಾಡಬೇಕು. ಎಲ್ಲಾ ಅಧಿಕಾರಿಗಳು ಸಮನ್ವಯದಿಂದ ಕಾರ್ಯ ನಿರ್ವಹಿಸಬೇಕು ಎಂದು ತಿಳಿಸಿದರು. ಉತ್ಸವ ಸುಗಮ ಕಾರ್ಯ ಸಂಯೋಜನೆ ಅಧಿಕಾರಿಗಳ ನಡೆಯಲು ಸಿದ್ಧತೆ ಮಾಡಬೇಕು ಎಂಬ ಬಗ್ಗೆ ವಿಭಾಗಗಳಲ್ಲಿ ಅಧಿಕಾರಿಗಳ ಪ್ರಮಾಣದಲ್ಲಿ ಪ್ರಗತಿಗೆ ಅನುಕೂಲ ಕಾರ್ಯ ಚಟುವಟಿಕೆಗಳ ರೂಪಿಸಬೇಕು, ಉಸ್ತುವಾರಿ ಅಧಿಕಾರಿಗಳು

ಕೂಡಲೇ ಕಾರ್ಯಪ್ರವೃತ್ತರಾಗಬೇಕೆಂದು ತಿಳಿಸಿದರು.

ನಗರದ ಸರ್ಕಾರಿ ಪದವಿ ಪೂರ್ವ ಕಾಲೇಜು ಮೈದಾನದಲ್ಲಿ ದಸರಾ ಉತ್ಸವ ಸಂಬಂಧ ಸಭೆಯಲ್ಲಿ ವಿವಿಧ ಇಲಾಖೆಗಳ ಅಧಿಕಾರಿಗಳ ಪಾಲ್ಗೊಂಡು ಕಾರ್ಯಕ್ರಮಗಳ ಬಗ್ಗೆ ಕ್ರಮಕೈಗೊಳ್ಳಲು ಸೂಚಿಸಿದರು.

ಮುಂದಾಯ ಹಾಗೂ ಕನ್ನಡ ಮತ್ತು ಸಂಸ್ಕೃತಿ ಇಲಾಖೆ ಅಧಿಕಾರಿಗಳಿಗೆ ಸೂಚಿಸಿದರು.

ಉತ್ಸವದ ಅಂಗವಾಗಿ ನಡೆಯುವ ಜನಪದ ಕ್ರೀಡಾ ಸ್ಪರ್ಧೆಗಳ ನಿರ್ವಹಣೆ ಕುರಿತು ಕ್ರಮ ವಹಿಸಲು ಯುವ ಸಬಲೀಕರಣ ಮತ್ತು ಕ್ರೀಡಾ ಇಲಾಖೆಗೆ ಸೂಚಿಸಿದರು. ಸಭೆಯಲ್ಲಿ ಅಪರ ಜಿಲ್ಲಾಧಿಕಾರಿ ಶಿವಾನಂದ ಬಿ. ಕರಾಳೆ, ಜಿಲ್ಲಾ ಪಂಚಾಯತ್ ಉಪಕಾರ್ಯದರ್ಶಿ, ಮಹಾನಗರ ಪಾಲಿಕೆ ಆಯುಕ್ತರು, ವಿವಿಧ ಇಲಾಖೆಗಳ ಅಧಿಕಾರಿಗಳು ಹಾಜರಿದ್ದರು.

ನಿರ್ವಾಹಸಬೇಕೆಂದು ಸೂಚಿಸಿದರು.

ಅಪರ ಜಿಲ್ಲಾಧಿಕಾರಿ ರಾ: ಎನ್. ತಿಪ್ಪೇಸ್ವಾಮಿ ಮಾತನಾಡಿ, ದಸರಾ ಶಾಂತಿಸುವ್ಯವಸ್ಥೆ ಆಚರಿಸಲಾಗುವ ಧಾರ್ಮಿಕ ಸಭಾನ ವಿಧಿ ವಿಧಾನಗಳ ಕುರಿತು ಚರ್ಚಿಸಿದರು. ಸಾಂಸ್ಕೃತಿಕ ಕಾರ್ಯಕ್ರಮಗಳು ಸ್ಥಳೀಯ ಕಲಾವಿದರಿಗೆ ಹೆಚ್ಚಿನ ಅವಕಾಶ ನೀಡಬೇಕೆಂದು ಸೂಚಿಸಿದರು.

ಸಭೆಯಲ್ಲಿ ಜಿಲ್ಲಾ ಪೊಲೀಸ್ ವರಿಷ್ಠಾಧಿಕಾರಿ ಸೇರಿದಂತೆ ವರ್ಣರಂಜಿತ ಆಚಾರ ಮತ್ತು ಇತರೆ ಮಂತ್ರೀಗಳು, ಮಹಿಳಾ ಮತ್ತು ಮಕ್ಕಳ ಅಭಿವೃದ್ಧಿ ಇಲಾಖೆ ಸೇರಿ ಎಲ್ಲಾ ಉಪಾಧಿಕಾರಿ ಸಭೆಯಲ್ಲಿ ಮಾತನಾಡಿ ವಿವಿಧ ವಿಭಾಗಗಳಲ್ಲಿ ಸಿದ್ಧತೆಗಳ ಪರಿಶೀಲಿಸಿದರು.

ಹುಳಿಯಾರು: ಹಾರೋಹಳ್ಳಿ ಲ್ಯಾಟಿಟ್ಯೂಡ್ ಅಂಗ ಶಾಲೆಯ ಹೆಣ್ಣು ಮಕ್ಕಳು ತಾಲ್ಲೂಕು ಮಟ್ಟದ ಬಾಲ್ ಬ್ಯಾಡ್ಮಿಂಟನ್ ಕ್ರೀಡೆಯಲ್ಲಿ ಪ್ರಥಮ ಸ್ಥಾನ ಪಡೆದು ಜಿಲ್ಲಾ ಮಟ್ಟಕ್ಕೆ ಆಯ್ಕೆಯಾಗಿದ್ದಾರೆ.

ಶಾಲೆಯ ದೈಹಿಕ ಶಿಕ್ಷಣ ಹೊಂದಿದಲು ಕ್ರೀಡಾಪಟು ಮಕ್ಕಳು ದೈಹಿಕ ಶಿಕ್ಷಕ ಶಿವಕುಮಾರ್ ಅವರ ಮಾರ್ಗದರ್ಶನದಲ್ಲಿ ಪ್ರಗತಿ ಸಾಧಿಸಿದ್ದಾರೆ. ತಂಡದ ಸದಸ್ಯರಾದ ಮಕ್ಕಳಿಗೆ ಶಾಲೆಯ ಮುಖ್ಯ ಶಿಕ್ಷಕರು ಹಾಗೂ ಶಿಕ್ಷಕ ವೃಂದದವರು ಅಭಿನಂದಿಸಿದ್ದಾರೆ.

ಶಾಲೆಯ ಅಧ್ಯಕ್ಷ ಕೆ.ಸಿ.ಮಲ್ಲಣ್ಣ, ಸದಸ್ಯರಾದ ಸುಧಾ, ಶ್ರೀಪಾದಗಳಾದ ಆಶ್ರಿತ್ ಅಲಿ, ಲೀಲಾ, ಶೈಲಾ, ಜನಿತಾ, ನಾಗರತ್ನಾ, ಸುಧಾ, ಮತ್ತಿತರರು ಉಪಸ್ಥಿತರಿದ್ದರು.
